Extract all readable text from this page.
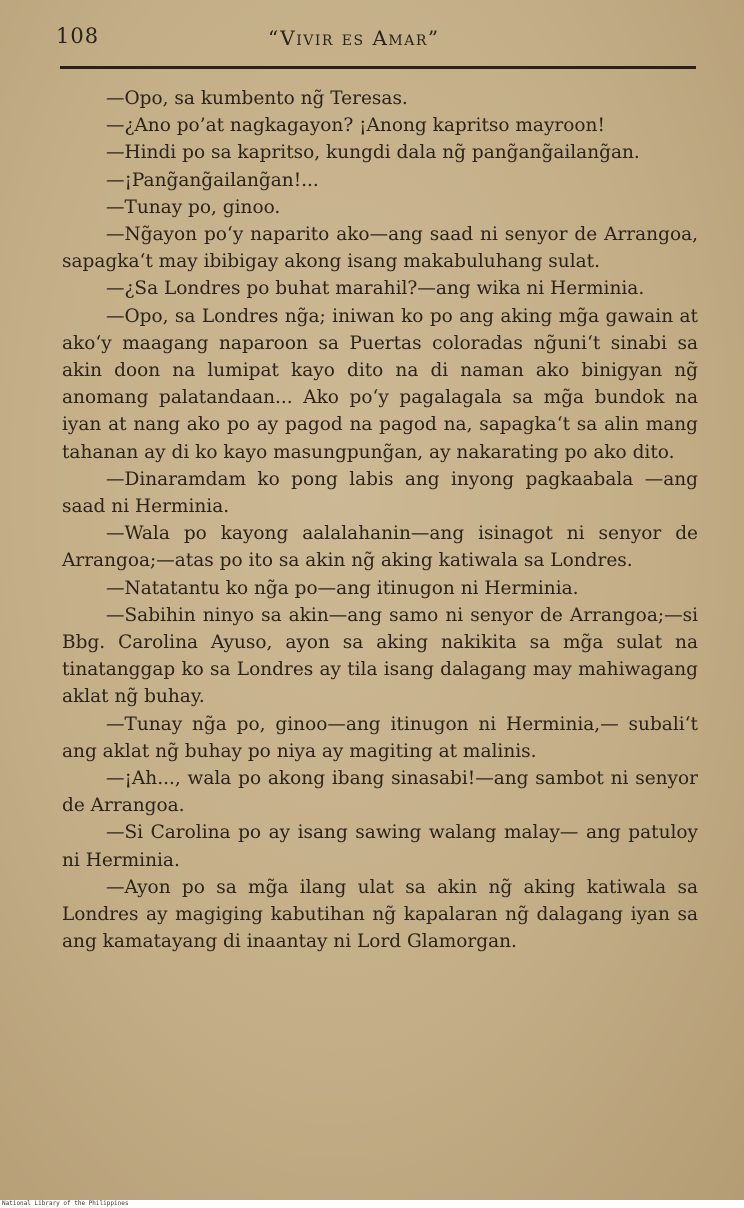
108	“Vivir es Amar”

—Opo, sa kumbento ng̃ Teresas.

—¿Ano po’at nagkagayon? ¡Anong kapritso mayroon!

—Hindi po sa kapritso, kungdi dala ng̃ pang̃ang̃ailang̃an.

—¡Pang̃ang̃ailang̃an!...

—Tunay po, ginoo.

—Ng̃ayon po‘y naparito ako—ang saad ni senyor de Arrangoa, sapagka‘t may ibibigay akong isang makabuluhang sulat.

—¿Sa Londres po buhat marahil?—ang wika ni Herminia.

—Opo, sa Londres ng̃a; iniwan ko po ang aking mg̃a gawain at ako‘y maagang naparoon sa Puertas coloradas ng̃uni‘t sinabi sa akin doon na lumipat kayo dito na di naman ako binigyan ng̃ anomang palatandaan... Ako po‘y pagalagala sa mg̃a bundok na iyan at nang ako po ay pagod na pagod na, sapagka‘t sa alin mang tahanan ay di ko kayo masungpung̃an, ay nakarating po ako dito.

—Dinaramdam ko pong labis ang inyong pagkaabala —ang saad ni Herminia.

—Wala po kayong aalalahanin—ang isinagot ni senyor de Arrangoa;—atas po ito sa akin ng̃ aking katiwala sa Londres.

—Natatantu ko ng̃a po—ang itinugon ni Herminia.

—Sabihin ninyo sa akin—ang samo ni senyor de Arrangoa;—si Bbg. Carolina Ayuso, ayon sa aking nakikita sa mg̃a sulat na tinatanggap ko sa Londres ay tila isang dalagang may mahiwagang aklat ng̃ buhay.

—Tunay ng̃a po, ginoo—ang itinugon ni Herminia,— subali‘t ang aklat ng̃ buhay po niya ay magiting at malinis.

—¡Ah..., wala po akong ibang sinasabi!—ang sambot ni senyor de Arrangoa.

—Si Carolina po ay isang sawing walang malay— ang patuloy ni Herminia.

—Ayon po sa mg̃a ilang ulat sa akin ng̃ aking katiwala sa Londres ay magiging kabutihan ng̃ kapalaran ng̃ dalagang iyan sa ang kamatayang di inaantay ni Lord Glamorgan.

National Library of the Philippines
